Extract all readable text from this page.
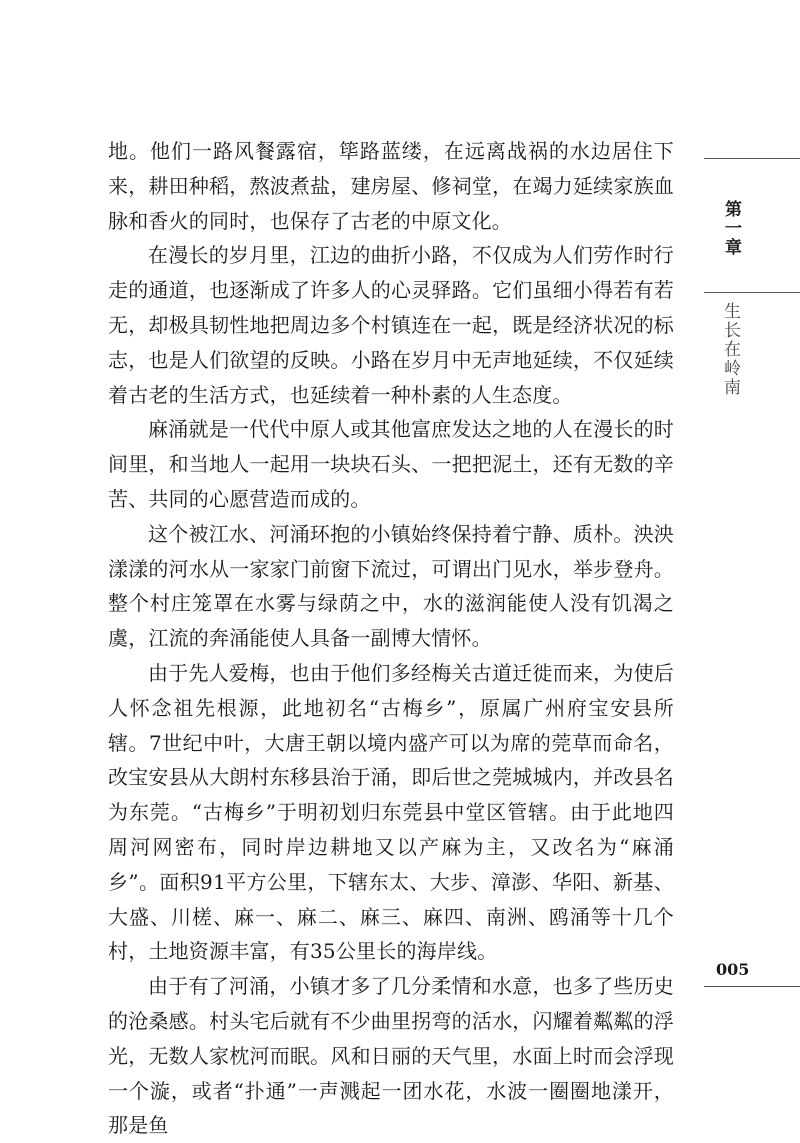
地。他们一路风餐露宿，筚路蓝缕，在远离战祸的水边居住下来，耕田种稻，熬波煮盐，建房屋、修祠堂，在竭力延续家族血脉和香火的同时，也保存了古老的中原文化。

在漫长的岁月里，江边的曲折小路，不仅成为人们劳作时行走的通道，也逐渐成了许多人的心灵驿路。它们虽细小得若有若无，却极具韧性地把周边多个村镇连在一起，既是经济状况的标志，也是人们欲望的反映。小路在岁月中无声地延续，不仅延续着古老的生活方式，也延续着一种朴素的人生态度。

麻涌就是一代代中原人或其他富庶发达之地的人在漫长的时间里，和当地人一起用一块块石头、一把把泥土，还有无数的辛苦、共同的心愿营造而成的。

这个被江水、河涌环抱的小镇始终保持着宁静、质朴。泱泱漾漾的河水从一家家门前窗下流过，可谓出门见水，举步登舟。整个村庄笼罩在水雾与绿荫之中，水的滋润能使人没有饥渴之虞，江流的奔涌能使人具备一副博大情怀。

由于先人爱梅，也由于他们多经梅关古道迁徙而来，为使后人怀念祖先根源，此地初名“古梅乡”，原属广州府宝安县所辖。7世纪中叶，大唐王朝以境内盛产可以为席的莞草而命名，改宝安县从大朗村东移县治于涌，即后世之莞城城内，并改县名为东莞。“古梅乡”于明初划归东莞县中堂区管辖。由于此地四周河网密布，同时岸边耕地又以产麻为主，又改名为“麻涌乡”。面积91平方公里，下辖东太、大步、漳澎、华阳、新基、大盛、川槎、麻一、麻二、麻三、麻四、南洲、鸥涌等十几个村，土地资源丰富，有35公里长的海岸线。

由于有了河涌，小镇才多了几分柔情和水意，也多了些历史的沧桑感。村头宅后就有不少曲里拐弯的活水，闪耀着粼粼的浮光，无数人家枕河而眠。风和日丽的天气里，水面上时而会浮现一个漩，或者“扑通”一声溅起一团水花，水波一圈圈地漾开，那是鱼

第一章
生长在岭南
005
